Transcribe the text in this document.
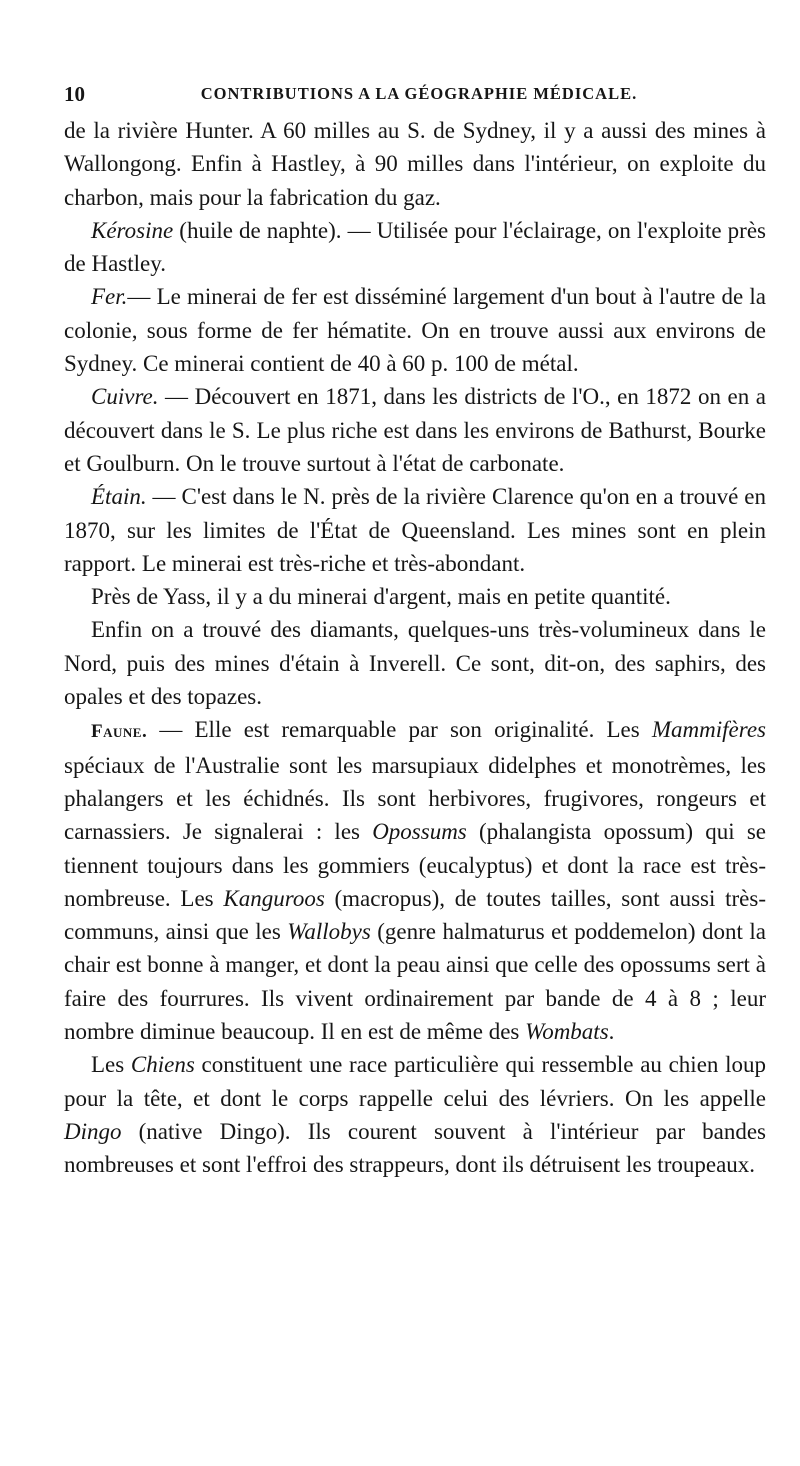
10	CONTRIBUTIONS A LA GÉOGRAPHIE MÉDICALE.

de la rivière Hunter. A 60 milles au S. de Sydney, il y a aussi des mines à Wallongong. Enfin à Hastley, à 90 milles dans l'intérieur, on exploite du charbon, mais pour la fabrication du gaz.

Kérosine (huile de naphte). — Utilisée pour l'éclairage, on l'exploite près de Hastley.

Fer.— Le minerai de fer est disséminé largement d'un bout à l'autre de la colonie, sous forme de fer hématite. On en trouve aussi aux environs de Sydney. Ce minerai contient de 40 à 60 p. 100 de métal.

Cuivre. — Découvert en 1871, dans les districts de l'O., en 1872 on en a découvert dans le S. Le plus riche est dans les environs de Bathurst, Bourke et Goulburn. On le trouve surtout à l'état de carbonate.

Étain. — C'est dans le N. près de la rivière Clarence qu'on en a trouvé en 1870, sur les limites de l'État de Queensland. Les mines sont en plein rapport. Le minerai est très-riche et très-abondant.

Près de Yass, il y a du minerai d'argent, mais en petite quantité.

Enfin on a trouvé des diamants, quelques-uns très-volumineux dans le Nord, puis des mines d'étain à Inverell. Ce sont, dit-on, des saphirs, des opales et des topazes.

Faune. — Elle est remarquable par son originalité. Les Mammifères spéciaux de l'Australie sont les marsupiaux didelphes et monotrèmes, les phalangers et les échidnés. Ils sont herbivores, frugivores, rongeurs et carnassiers. Je signalerai : les Opossums (phalangista opossum) qui se tiennent toujours dans les gommiers (eucalyptus) et dont la race est très-nombreuse. Les Kanguroos (macropus), de toutes tailles, sont aussi très-communs, ainsi que les Wallobys (genre halmaturus et poddemelon) dont la chair est bonne à manger, et dont la peau ainsi que celle des opossums sert à faire des fourrures. Ils vivent ordinairement par bande de 4 à 8 ; leur nombre diminue beaucoup. Il en est de même des Wombats.

Les Chiens constituent une race particulière qui ressemble au chien loup pour la tête, et dont le corps rappelle celui des lévriers. On les appelle Dingo (native Dingo). Ils courent souvent à l'intérieur par bandes nombreuses et sont l'effroi des strappeurs, dont ils détruisent les troupeaux.
